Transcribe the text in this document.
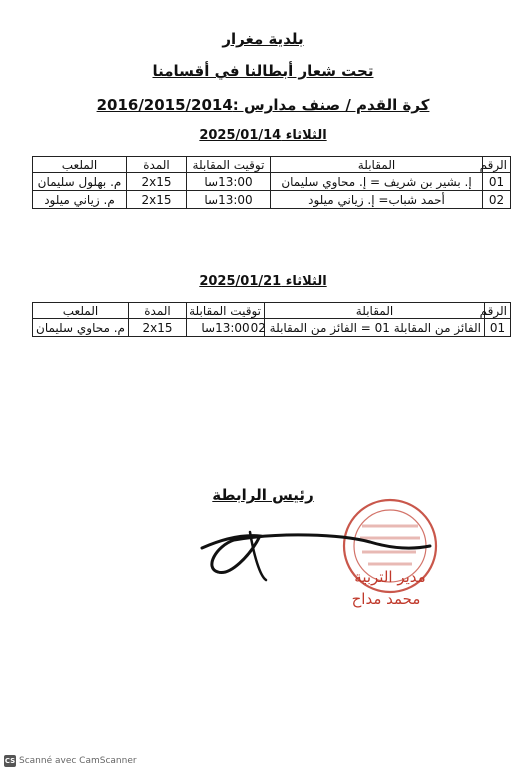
بلدية مغرار
تحت شعار أبطالنا في أقسامنا
كرة القدم / صنف مدارس :2016/2015/2014
الثلاثاء 2025/01/14
الرقم	المقابلة	توقيت المقابلة	المدة	الملعب
01	إ. بشير بن شريف = إ. محاوي سليمان	13:00سا	2x15	م. بهلول سليمان
02	أحمد شباب= إ. زياني ميلود	13:00سا	2x15	م. زياني ميلود
الثلاثاء 2025/01/21
الرقم	المقابلة	توقيت المقابلة	المدة	الملعب
01	الفائز من المقابلة 01 = الفائز من المقابلة 02	13:00سا	2x15	م. محاوي سليمان
رئيس الرابطة
مدير التربية
محمد مداح
CS Scanné avec CamScanner
